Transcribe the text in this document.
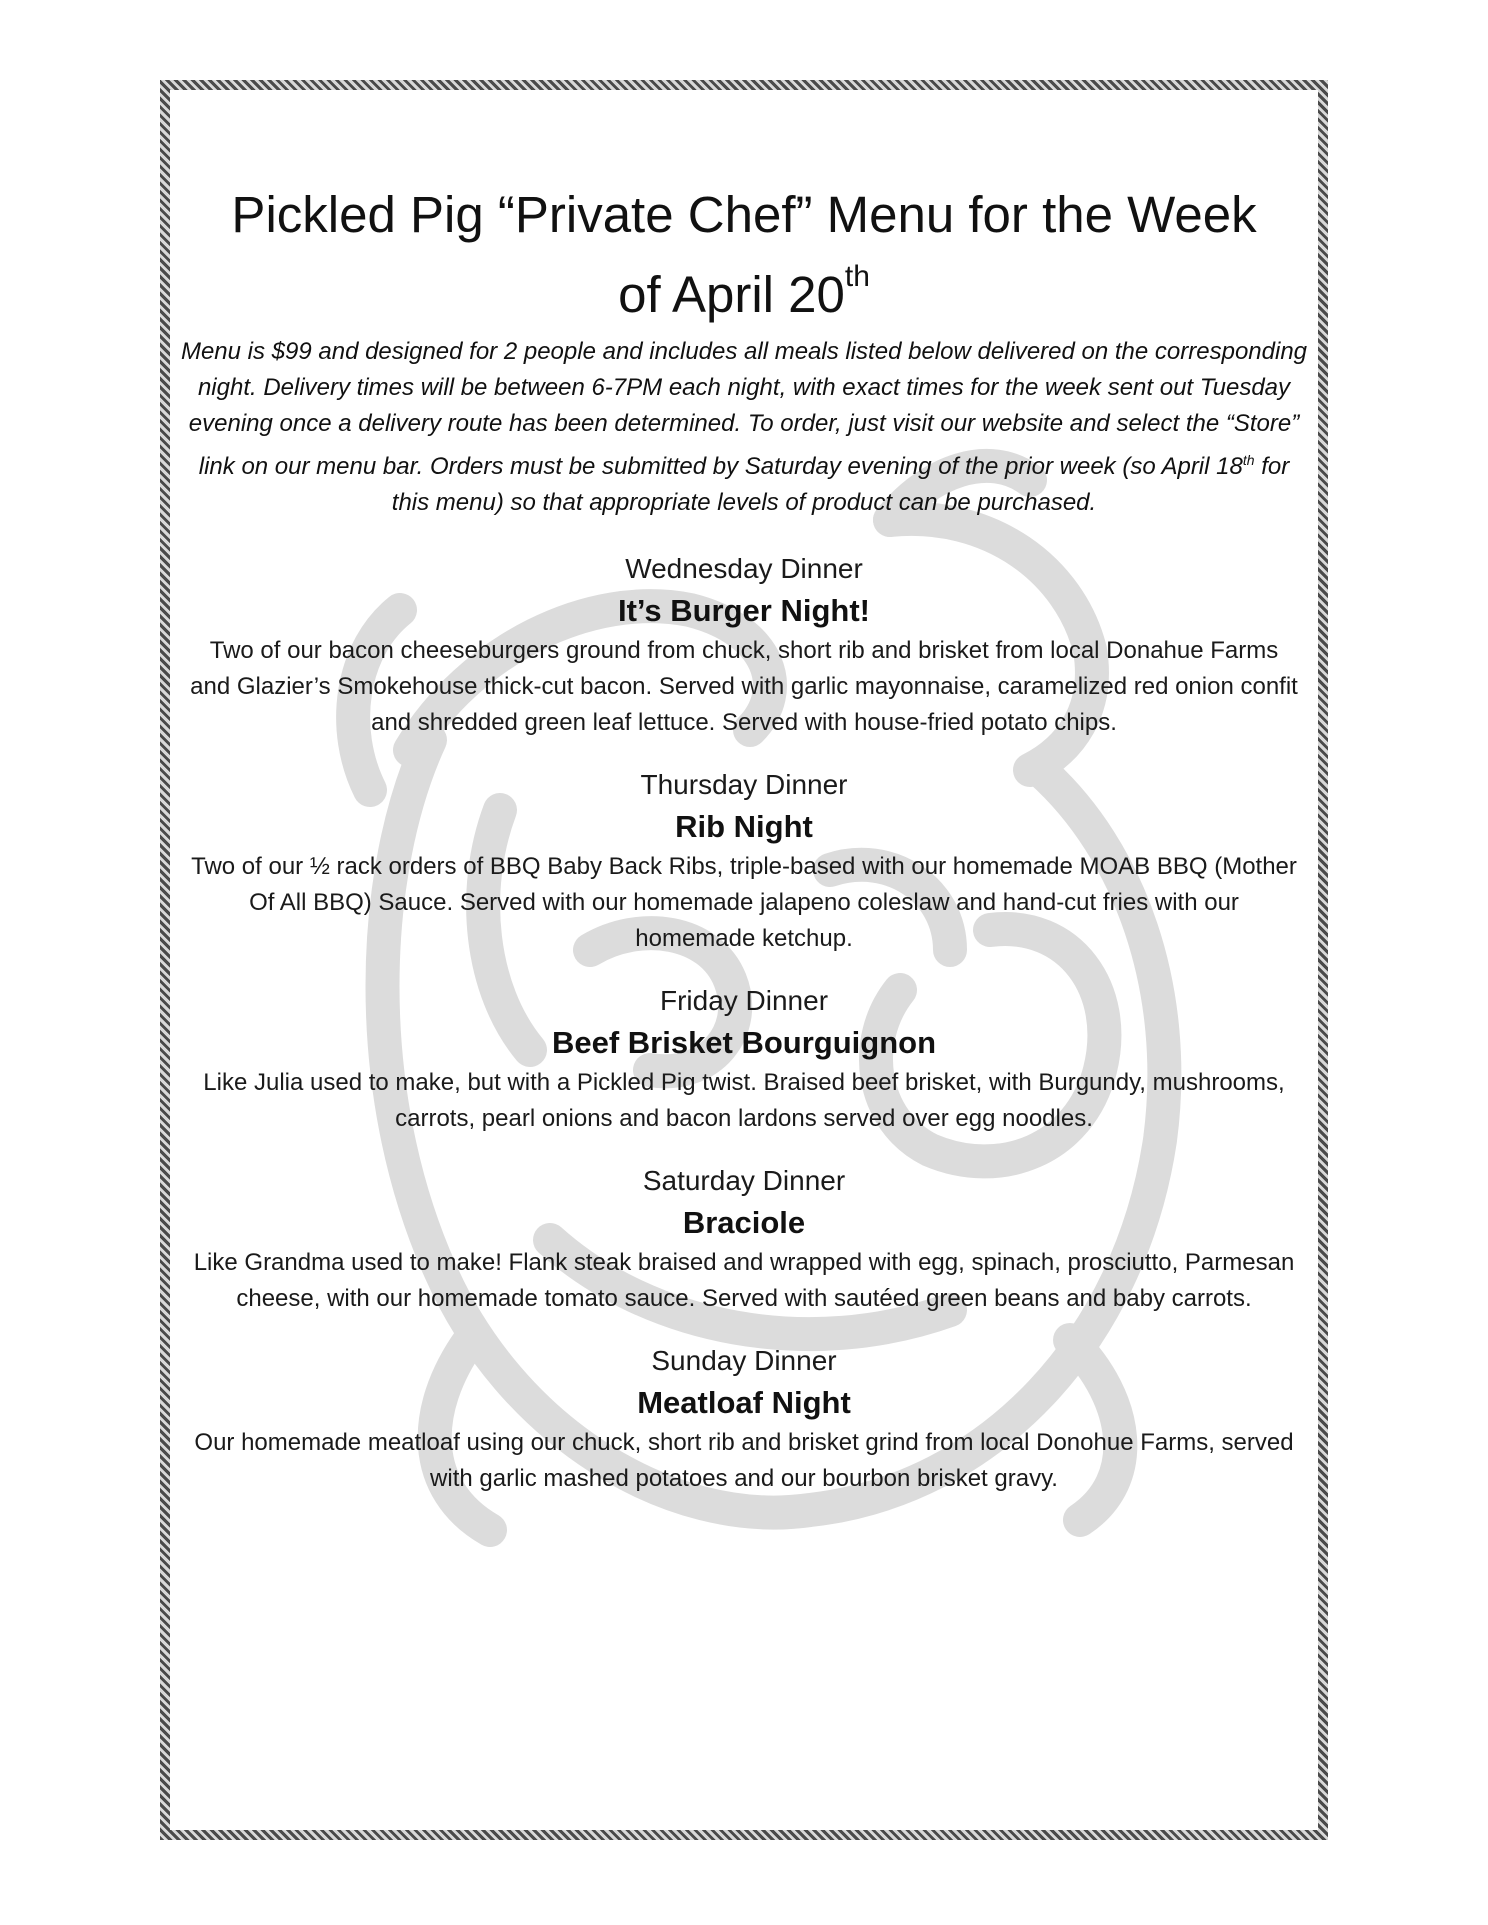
Pickled Pig “Private Chef” Menu for the Week
of April 20th

Menu is $99 and designed for 2 people and includes all meals listed below delivered on the corresponding night. Delivery times will be between 6-7PM each night, with exact times for the week sent out Tuesday evening once a delivery route has been determined. To order, just visit our website and select the “Store” link on our menu bar. Orders must be submitted by Saturday evening of the prior week (so April 18th for this menu) so that appropriate levels of product can be purchased.

Wednesday Dinner
It’s Burger Night!
Two of our bacon cheeseburgers ground from chuck, short rib and brisket from local Donahue Farms and Glazier’s Smokehouse thick-cut bacon. Served with garlic mayonnaise, caramelized red onion confit and shredded green leaf lettuce. Served with house-fried potato chips.
Thursday Dinner
Rib Night
Two of our ½ rack orders of BBQ Baby Back Ribs, triple-based with our homemade MOAB BBQ (Mother Of All BBQ) Sauce. Served with our homemade jalapeno coleslaw and hand-cut fries with our homemade ketchup.
Friday Dinner
Beef Brisket Bourguignon
Like Julia used to make, but with a Pickled Pig twist. Braised beef brisket, with Burgundy, mushrooms, carrots, pearl onions and bacon lardons served over egg noodles.
Saturday Dinner
Braciole
Like Grandma used to make! Flank steak braised and wrapped with egg, spinach, prosciutto, Parmesan cheese, with our homemade tomato sauce. Served with sautéed green beans and baby carrots.
Sunday Dinner
Meatloaf Night
Our homemade meatloaf using our chuck, short rib and brisket grind from local Donohue Farms, served with garlic mashed potatoes and our bourbon brisket gravy.
